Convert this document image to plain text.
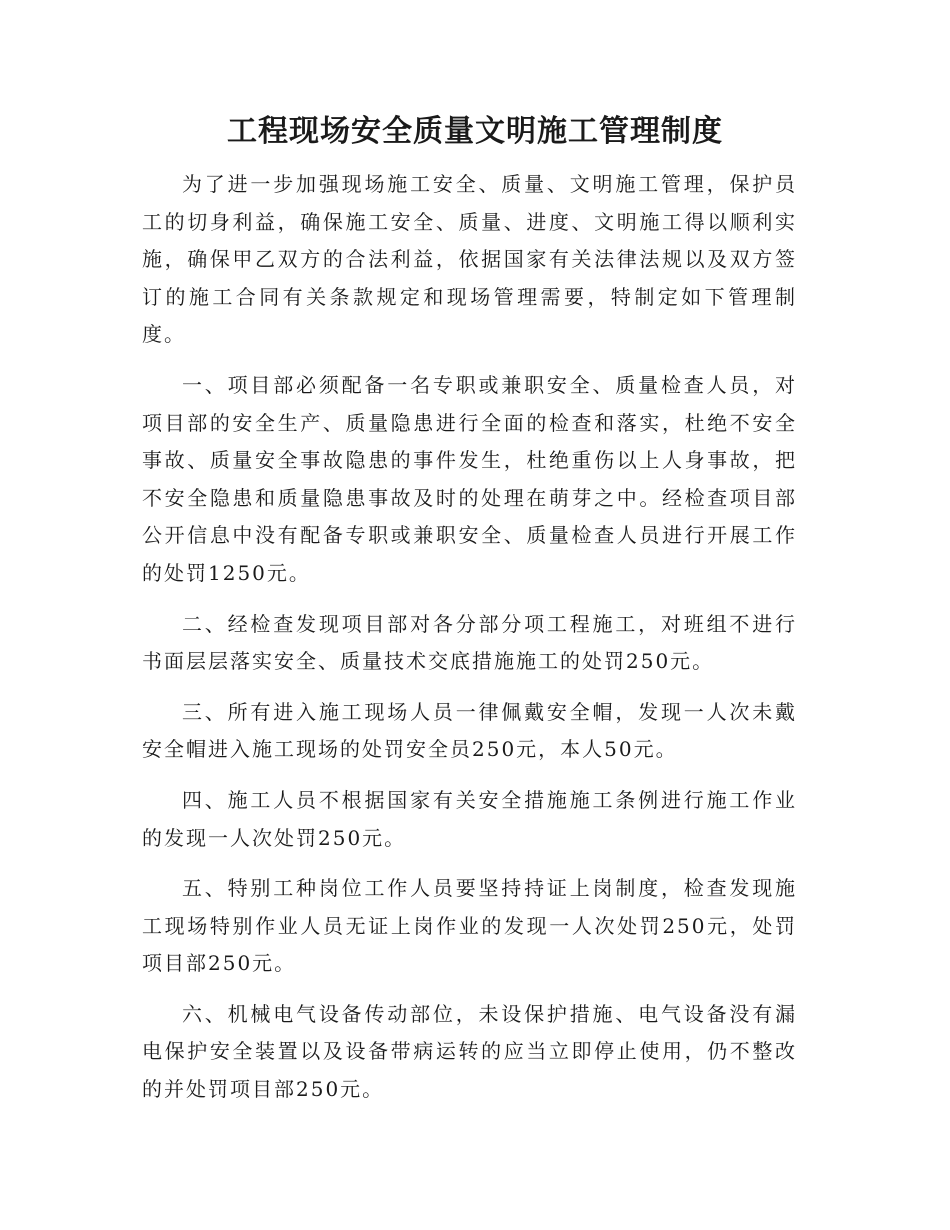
工程现场安全质量文明施工管理制度

为了进一步加强现场施工安全、质量、文明施工管理，保护员工的切身利益，确保施工安全、质量、进度、文明施工得以顺利实施，确保甲乙双方的合法利益，依据国家有关法律法规以及双方签订的施工合同有关条款规定和现场管理需要，特制定如下管理制度。

一、项目部必须配备一名专职或兼职安全、质量检查人员，对项目部的安全生产、质量隐患进行全面的检查和落实，杜绝不安全事故、质量安全事故隐患的事件发生，杜绝重伤以上人身事故，把不安全隐患和质量隐患事故及时的处理在萌芽之中。经检查项目部公开信息中没有配备专职或兼职安全、质量检查人员进行开展工作的处罚1250元。

二、经检查发现项目部对各分部分项工程施工，对班组不进行书面层层落实安全、质量技术交底措施施工的处罚250元。

三、所有进入施工现场人员一律佩戴安全帽，发现一人次未戴安全帽进入施工现场的处罚安全员250元，本人50元。

四、施工人员不根据国家有关安全措施施工条例进行施工作业的发现一人次处罚250元。

五、特别工种岗位工作人员要坚持持证上岗制度，检查发现施工现场特别作业人员无证上岗作业的发现一人次处罚250元，处罚项目部250元。

六、机械电气设备传动部位，未设保护措施、电气设备没有漏电保护安全装置以及设备带病运转的应当立即停止使用，仍不整改的并处罚项目部250元。
